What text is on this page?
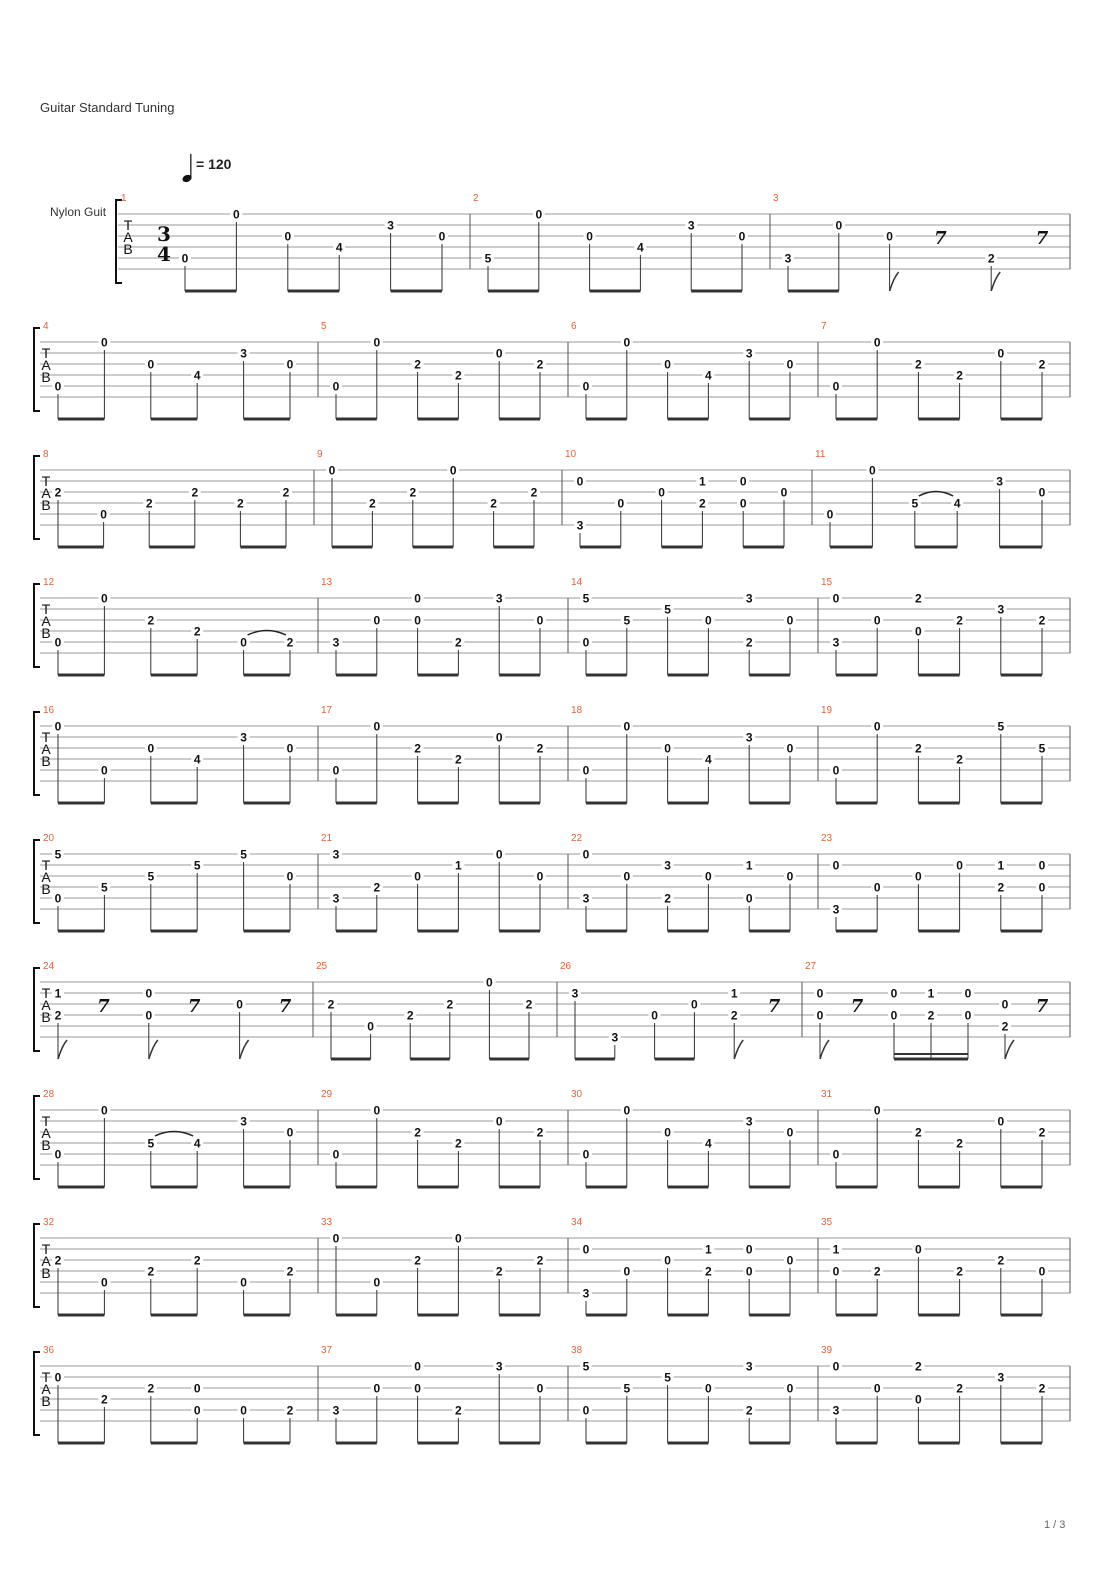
Guitar Standard Tuning
= 120
Nylon Guit
T
A
B
3
4
1
0
0
0
4
3
0
2
5
0
0
4
3
0
3
3
0
0 7
2
7
T
A
B
4
0
0
0
4
3
0
5
0
0
2
2
0
2
6
0
0
0
4
3
0
7
0
0
2
2
0
2
T
A
B
8
2
0
2
2
2
2
9
0
2
2
0
2
2
10
0
3
0
0
1
2
0
0
0
11
0
0
5	4
3
0
T
A
B
12
0
0
2
2
0	2
13
3
0
0
0
2
3
0
14
5
0
5
5
0
3
2
0
15
0
3
0
2
0
2
3
2
T
A
B
16
0
0
0
4
3
0
17
0
0
2
2
0
2
18
0
0
0
4
3
0
19
0
0
2
2
5
5
T
A
B
20
5
0
5
5
5
5
0
21
3
3
2
0
1
0
0
22
0
3
0
3
2
0
1
0
0
23
0
3
0
0
0	1
2
0
0
T
A
B
24
1
2 7
0
0 7	0 7
25
2
0
2
2
0
2
26
3
3
0
0
1
2 7
27
0
0 7
0
0
1
2
0
0
0
2
7
T
A
B
28
0
0
5	4
3
0
29
0
0
2
2
0
2
30
0
0
0
4
3
0
31
0
0
2
2
0
2
T
A
B
32
2
0
2
2
0
2
33
0
0
2
0
2
2
34
0
3
0
0
1
2
0
0
0
35
1
0	2
0
2
2
0
T
A
B
36
0
2
2	0
0	0	2
37
3
0
0
0
2
3
0
38
5
0
5
5
0
3
2
0
39
0
3
0
2
0
2
3
2
1 / 3
